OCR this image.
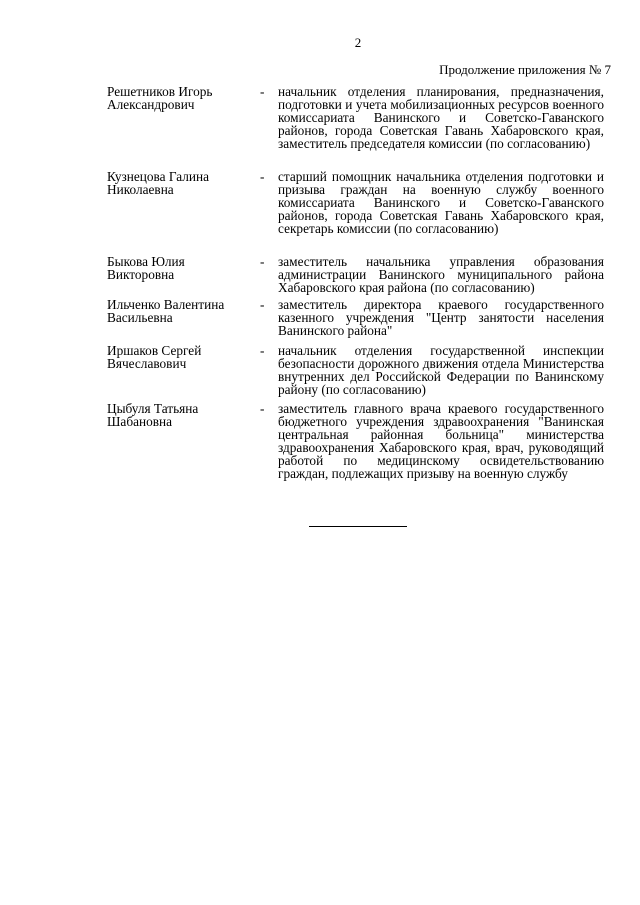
2
Продолжение приложения № 7
Решетников Игорь
Александрович
- начальник отделения планирования, предназначения, подготовки и учета мобилизационных ресурсов военного комиссариата Ванинского и Советско-Гаванского районов, города Советская Гавань Хабаровского края, заместитель председателя комиссии (по согласованию)
Кузнецова Галина
Николаевна
- старший помощник начальника отделения подготовки и призыва граждан на военную службу военного комиссариата Ванинского и Советско-Гаванского районов, города Советская Гавань Хабаровского края, секретарь комиссии (по согласованию)
Быкова Юлия
Викторовна
- заместитель начальника управления образования администрации Ванинского муниципального района Хабаровского края района (по согласованию)
Ильченко Валентина
Васильевна
- заместитель директора краевого государственного казенного учреждения "Центр занятости населения Ванинского района"
Иршаков Сергей
Вячеславович
- начальник отделения государственной инспекции безопасности дорожного движения отдела Министерства внутренних дел Российской Федерации по Ванинскому району (по согласованию)
Цыбуля Татьяна
Шабановна
- заместитель главного врача краевого государственного бюджетного учреждения здравоохранения "Ванинская центральная районная больница" министерства здравоохранения Хабаровского края, врач, руководящий работой по медицинскому освидетельствованию граждан, подлежащих призыву на военную службу
